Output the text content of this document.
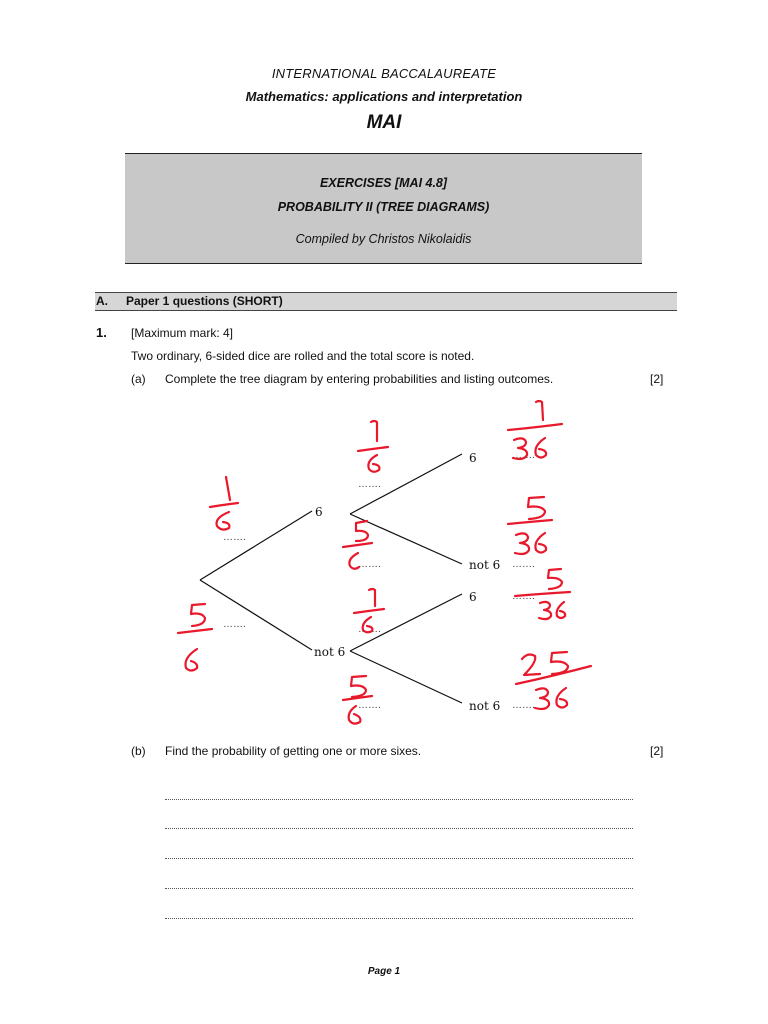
INTERNATIONAL BACCALAUREATE
Mathematics: applications and interpretation
MAI
EXERCISES [MAI 4.8]
PROBABILITY II (TREE DIAGRAMS)
Compiled by Christos Nikolaidis
A. Paper 1 questions (SHORT)
1. [Maximum mark: 4]
Two ordinary, 6-sided dice are rolled and the total score is noted.
(a) Complete the tree diagram by entering probabilities and listing outcomes.	[2]
6
not 6
6
not 6
6
not 6
…….
…….
…….
…….
…….
…….
…….
…….
…….
…….
(b) Find the probability of getting one or more sixes.	[2]
Page 1
